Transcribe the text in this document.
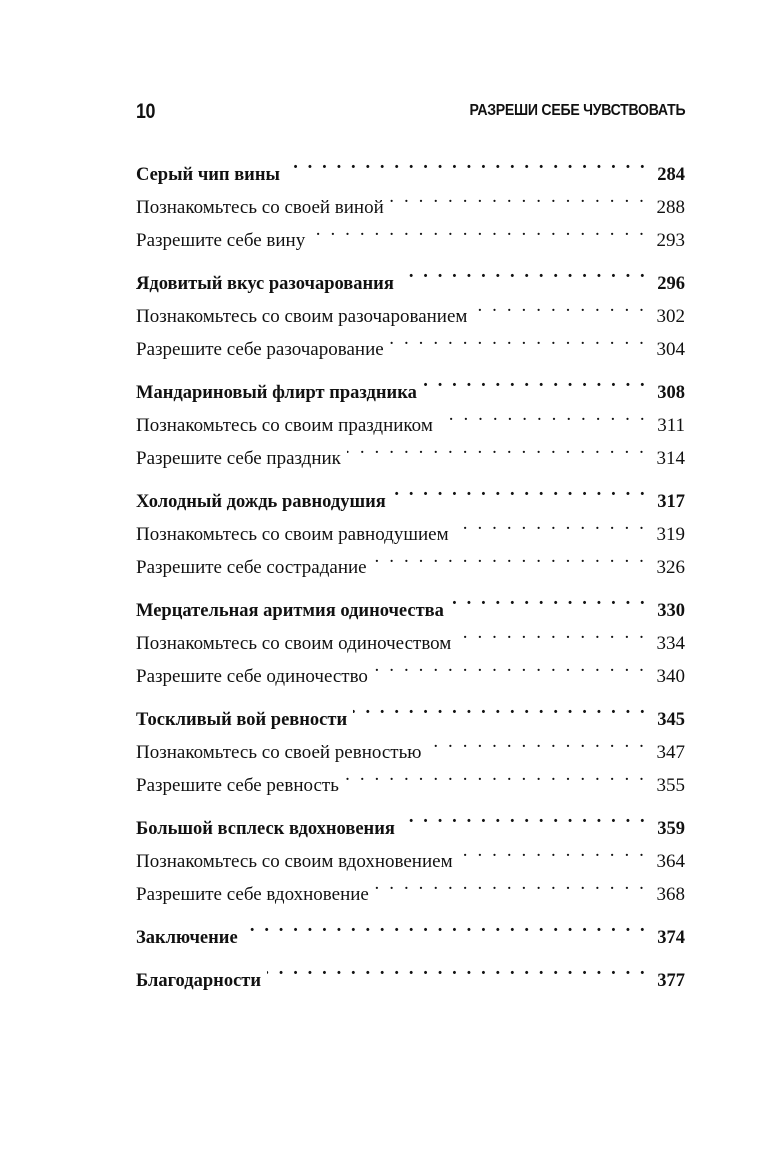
10	РАЗРЕШИ СЕБЕ ЧУВСТВОВАТЬ
Серый чип вины . . .	284
Познакомьтесь со своей виной . . .	288
Разрешите себе вину . . .	293
Ядовитый вкус разочарования . . .	296
Познакомьтесь со своим разочарованием . . .	302
Разрешите себе разочарование . . .	304
Мандариновый флирт праздника . . .	308
Познакомьтесь со своим праздником . . .	311
Разрешите себе праздник . . .	314
Холодный дождь равнодушия . . .	317
Познакомьтесь со своим равнодушием . . .	319
Разрешите себе сострадание . . .	326
Мерцательная аритмия одиночества . . .	330
Познакомьтесь со своим одиночеством . . .	334
Разрешите себе одиночество . . .	340
Тоскливый вой ревности . . .	345
Познакомьтесь со своей ревностью . . .	347
Разрешите себе ревность . . .	355
Большой всплеск вдохновения . . .	359
Познакомьтесь со своим вдохновением . . .	364
Разрешите себе вдохновение . . .	368
Заключение . . .	374
Благодарности . . .	377
